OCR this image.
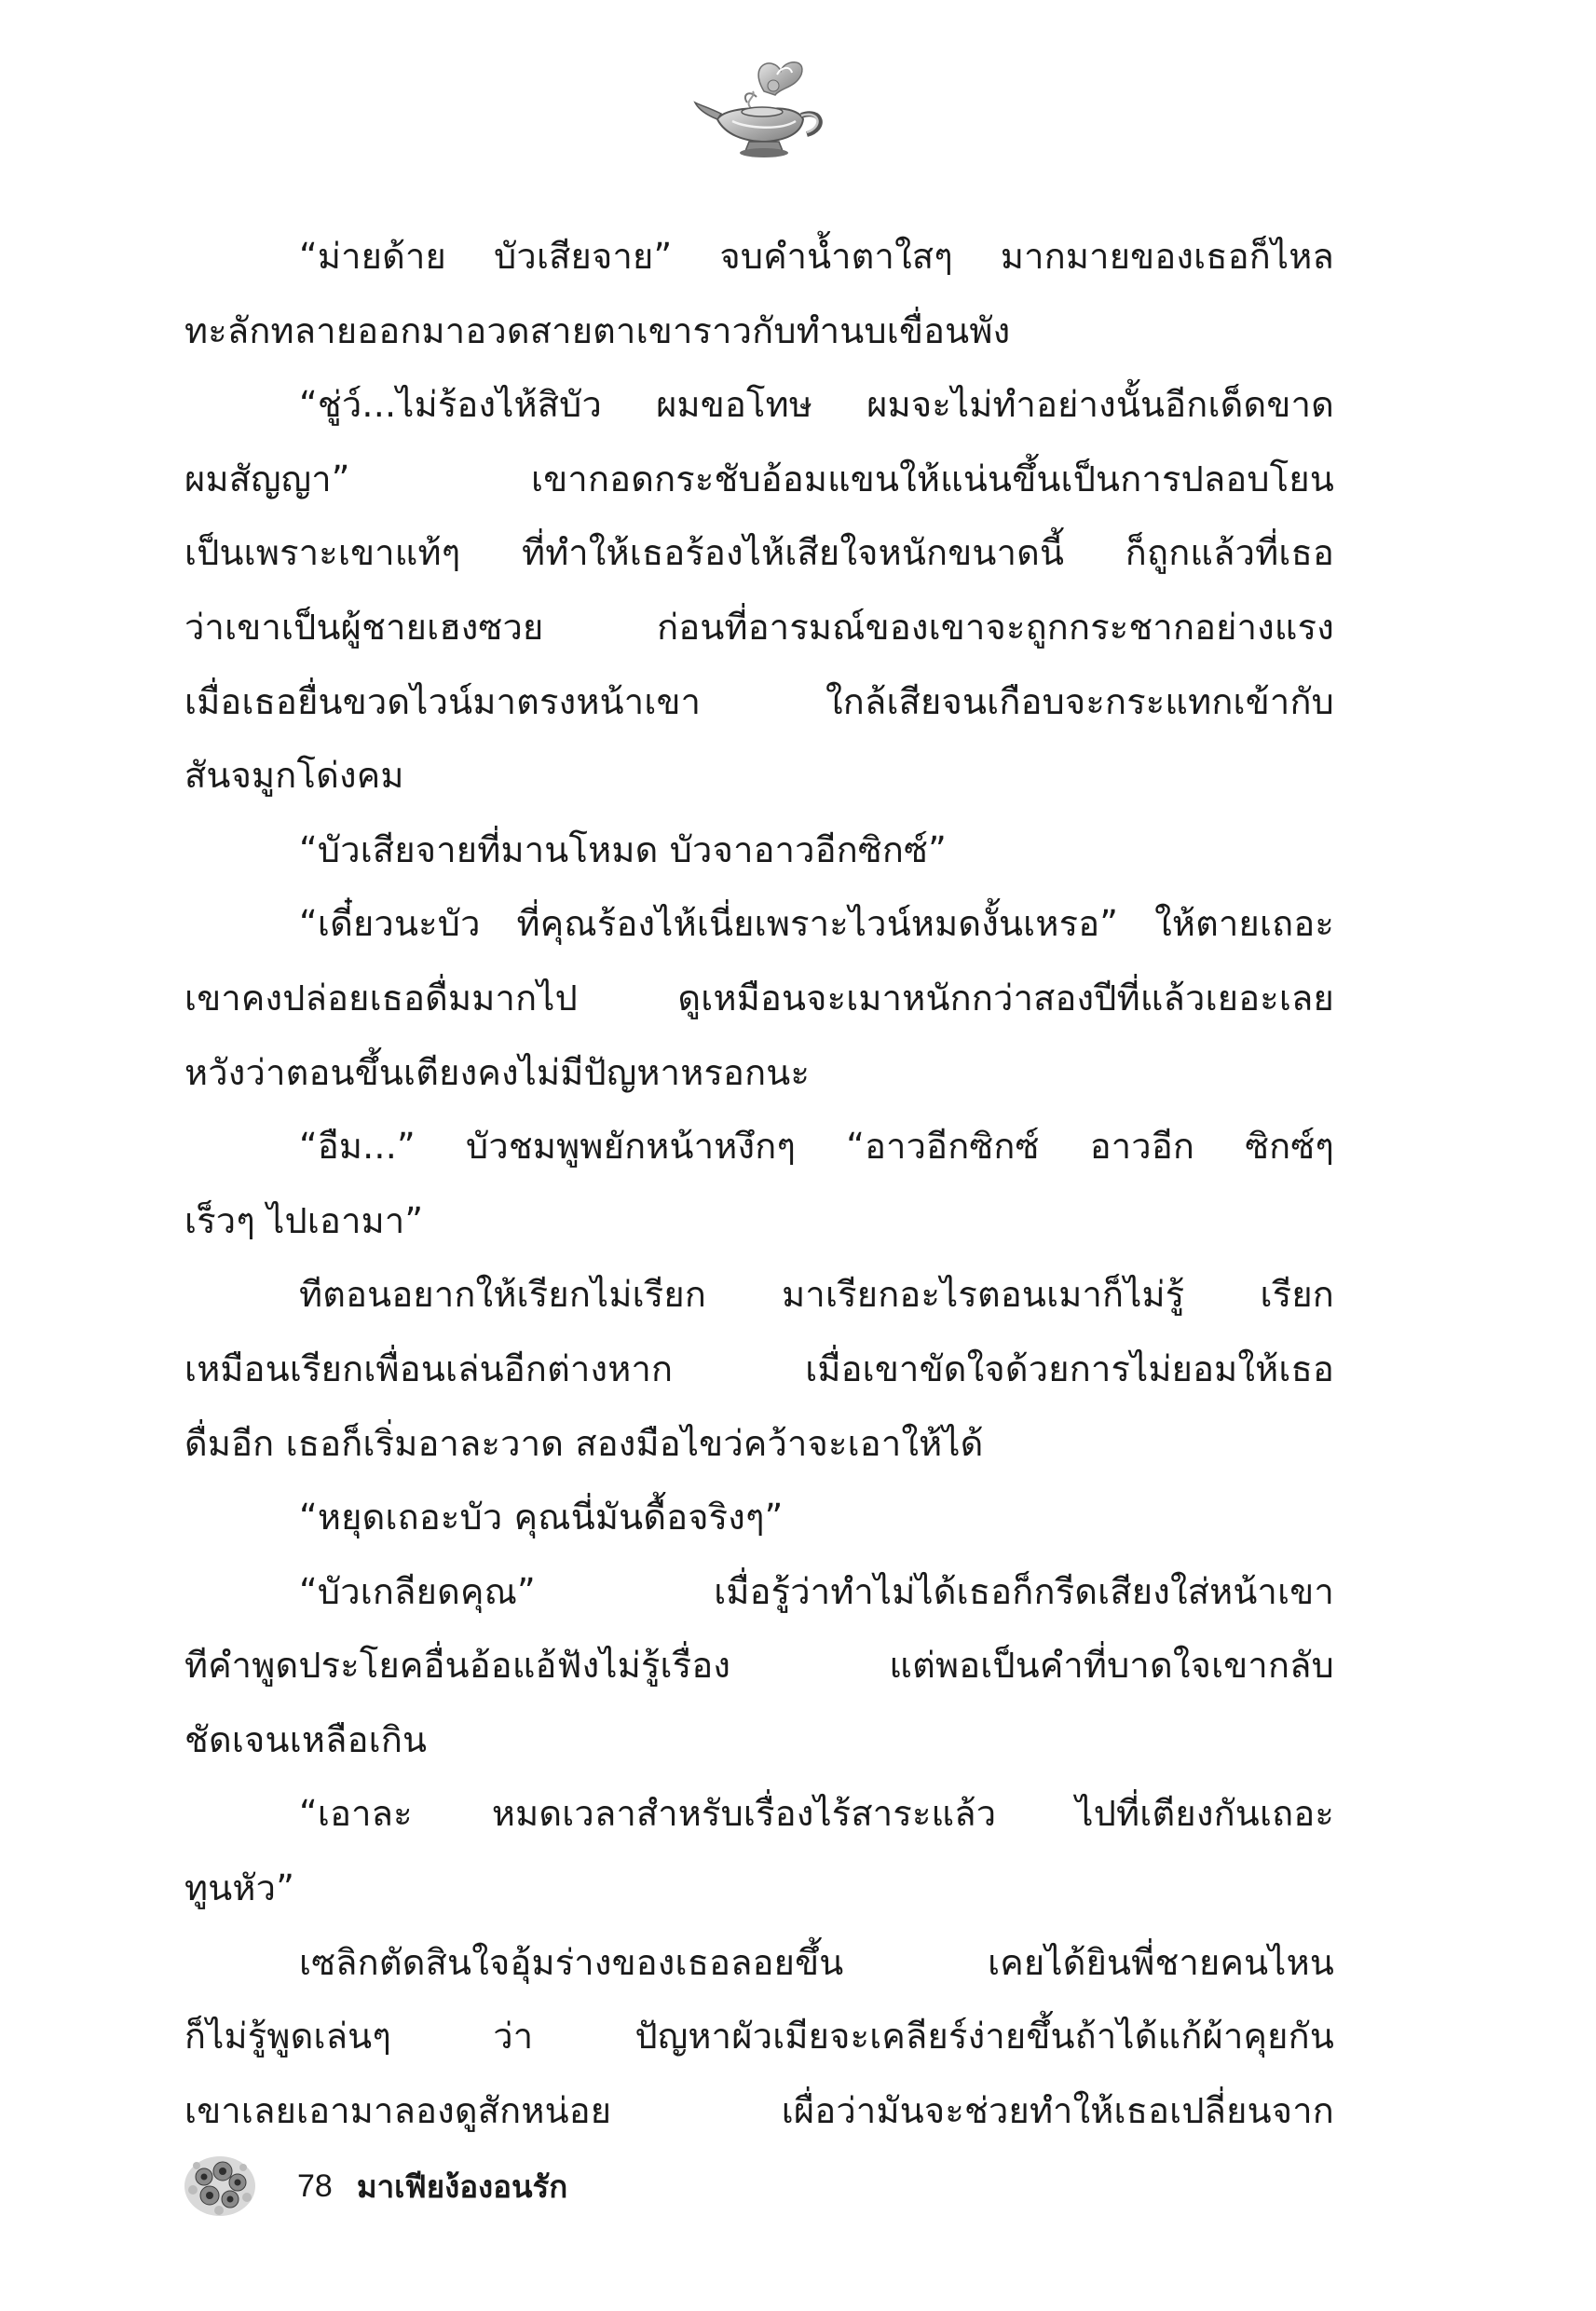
“ม่ายด้าย บัวเสียจาย” จบคำน้ำตาใสๆ มากมายของเธอก็ไหล
ทะลักทลายออกมาอวดสายตาเขาราวกับทำนบเขื่อนพัง
“ชู่ว์...ไม่ร้องไห้สิบัว ผมขอโทษ ผมจะไม่ทำอย่างนั้นอีกเด็ดขาด
ผมสัญญา” เขากอดกระชับอ้อมแขนให้แน่นขึ้นเป็นการปลอบโยน
เป็นเพราะเขาแท้ๆ ที่ทำให้เธอร้องไห้เสียใจหนักขนาดนี้ ก็ถูกแล้วที่เธอ
ว่าเขาเป็นผู้ชายเฮงซวย ก่อนที่อารมณ์ของเขาจะถูกกระชากอย่างแรง
เมื่อเธอยื่นขวดไวน์มาตรงหน้าเขา ใกล้เสียจนเกือบจะกระแทกเข้ากับ
สันจมูกโด่งคม
“บัวเสียจายที่มานโหมด บัวจาอาวอีกซิกซ์”
“เดี๋ยวนะบัว ที่คุณร้องไห้เนี่ยเพราะไวน์หมดงั้นเหรอ” ให้ตายเถอะ
เขาคงปล่อยเธอดื่มมากไป ดูเหมือนจะเมาหนักกว่าสองปีที่แล้วเยอะเลย
หวังว่าตอนขึ้นเตียงคงไม่มีปัญหาหรอกนะ
“อืม...” บัวชมพูพยักหน้าหงึกๆ “อาวอีกซิกซ์ อาวอีก ซิกซ์ๆ
เร็วๆ ไปเอามา”
ทีตอนอยากให้เรียกไม่เรียก มาเรียกอะไรตอนเมาก็ไม่รู้ เรียก
เหมือนเรียกเพื่อนเล่นอีกต่างหาก เมื่อเขาขัดใจด้วยการไม่ยอมให้เธอ
ดื่มอีก เธอก็เริ่มอาละวาด สองมือไขว่คว้าจะเอาให้ได้
“หยุดเถอะบัว คุณนี่มันดื้อจริงๆ”
“บัวเกลียดคุณ” เมื่อรู้ว่าทำไม่ได้เธอก็กรีดเสียงใส่หน้าเขา
ทีคำพูดประโยคอื่นอ้อแอ้ฟังไม่รู้เรื่อง แต่พอเป็นคำที่บาดใจเขากลับ
ชัดเจนเหลือเกิน
“เอาละ หมดเวลาสำหรับเรื่องไร้สาระแล้ว ไปที่เตียงกันเถอะ
ทูนหัว”
เซลิกตัดสินใจอุ้มร่างของเธอลอยขึ้น เคยได้ยินพี่ชายคนไหน
ก็ไม่รู้พูดเล่นๆ ว่า ปัญหาผัวเมียจะเคลียร์ง่ายขึ้นถ้าได้แก้ผ้าคุยกัน
เขาเลยเอามาลองดูสักหน่อย เผื่อว่ามันจะช่วยทำให้เธอเปลี่ยนจาก
78 มาเฟียง้องอนรัก
